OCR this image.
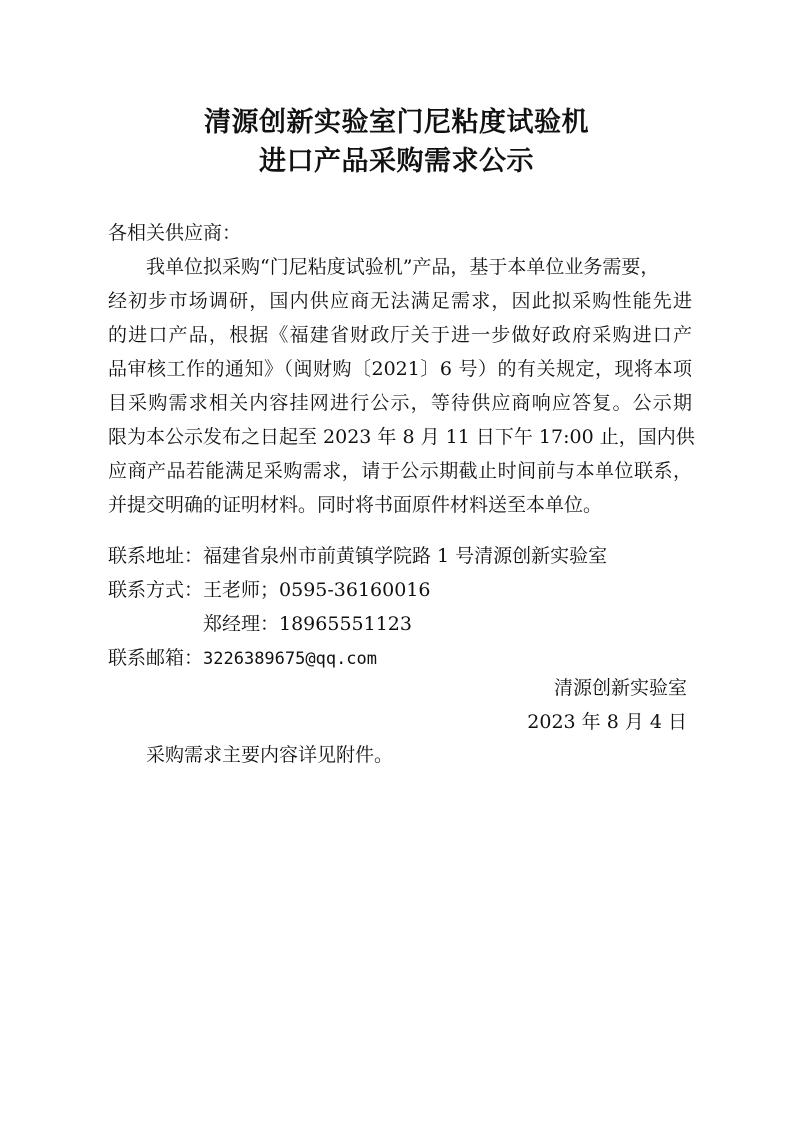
清源创新实验室门尼粘度试验机
进口产品采购需求公示
各相关供应商：
我单位拟采购“门尼粘度试验机”产品，基于本单位业务需要，
经初步市场调研，国内供应商无法满足需求，因此拟采购性能先进
的进口产品，根据《福建省财政厅关于进一步做好政府采购进口产
品审核工作的通知》（闽财购〔2021〕6 号）的有关规定，现将本项
目采购需求相关内容挂网进行公示，等待供应商响应答复。公示期
限为本公示发布之日起至 2023 年 8 月 11 日下午 17:00 止，国内供
应商产品若能满足采购需求，请于公示期截止时间前与本单位联系，
并提交明确的证明材料。同时将书面原件材料送至本单位。
联系地址：福建省泉州市前黄镇学院路 1 号清源创新实验室
联系方式：王老师；0595-36160016
郑经理：18965551123
联系邮箱：3226389675@qq.com
清源创新实验室
2023 年 8 月 4 日
采购需求主要内容详见附件。
